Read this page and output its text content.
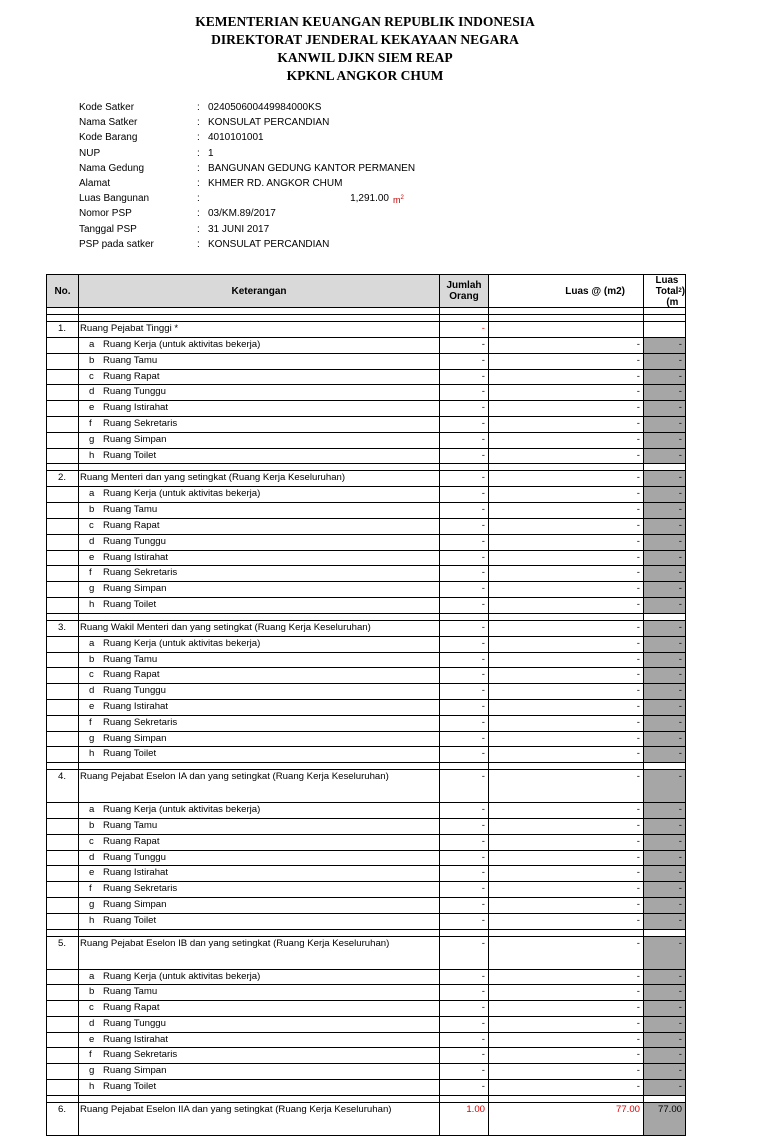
KEMENTERIAN KEUANGAN REPUBLIK INDONESIA
DIREKTORAT JENDERAL KEKAYAAN NEGARA
KANWIL DJKN SIEM REAP
KPKNL ANGKOR CHUM
Kode Satker	: 024050600449984000KS
Nama Satker	: KONSULAT PERCANDIAN
Kode Barang	: 4010101001
NUP	: 1
Nama Gedung	: BANGUNAN GEDUNG KANTOR PERMANEN
Alamat	: KHMER RD. ANGKOR CHUM
Luas Bangunan	:	1,291.00 $m^2$
Nomor PSP	: 03/KM.89/2017
Tanggal PSP	: 31 JUNI 2017
PSP pada satker	: KONSULAT PERCANDIAN
No.	Keterangan	Jumlah Orang	Luas @ (m2)
Luas Total (m
2 )
1.	Ruang Pejabat Tinggi *	-
a Ruang Kerja (untuk aktivitas bekerja)	-	-	-
b Ruang Tamu	-	-	-
c Ruang Rapat	-	-	-
d Ruang Tunggu	-	-	-
e Ruang Istirahat	-	-	-
f	Ruang Sekretaris	-	-	-
g Ruang Simpan	-	-	-
h Ruang Toilet	-	-	-
2.	Ruang Menteri dan yang setingkat (Ruang Kerja Keseluruhan)	-	-	-
a Ruang Kerja (untuk aktivitas bekerja)	-	-	-
b Ruang Tamu	-	-	-
c Ruang Rapat	-	-	-
d Ruang Tunggu	-	-	-
e Ruang Istirahat	-	-	-
f	Ruang Sekretaris	-	-	-
g Ruang Simpan	-	-	-
h Ruang Toilet	-	-	-
3.	Ruang Wakil Menteri dan yang setingkat (Ruang Kerja Keseluruhan)	-	-	-
a Ruang Kerja (untuk aktivitas bekerja)	-	-	-
b Ruang Tamu	-	-	-
c Ruang Rapat	-	-	-
d Ruang Tunggu	-	-	-
e Ruang Istirahat	-	-	-
f	Ruang Sekretaris	-	-	-
g Ruang Simpan	-	-	-
h Ruang Toilet	-	-	-
4.	Ruang Pejabat Eselon IA dan yang setingkat (Ruang Kerja Keseluruhan)	-	-	-
a Ruang Kerja (untuk aktivitas bekerja)	-	-	-
b Ruang Tamu	-	-	-
c Ruang Rapat	-	-	-
d Ruang Tunggu	-	-	-
e Ruang Istirahat	-	-	-
f	Ruang Sekretaris	-	-	-
g Ruang Simpan	-	-	-
h Ruang Toilet	-	-	-
5.	Ruang Pejabat Eselon IB dan yang setingkat (Ruang Kerja Keseluruhan)	-	-	-
a Ruang Kerja (untuk aktivitas bekerja)	-	-	-
b Ruang Tamu	-	-	-
c Ruang Rapat	-	-	-
d Ruang Tunggu	-	-	-
e Ruang Istirahat	-	-	-
f	Ruang Sekretaris	-	-	-
g Ruang Simpan	-	-	-
h Ruang Toilet	-	-	-
6.	Ruang Pejabat Eselon IIA dan yang setingkat (Ruang Kerja Keseluruhan)	1.00	77.00	77.00
